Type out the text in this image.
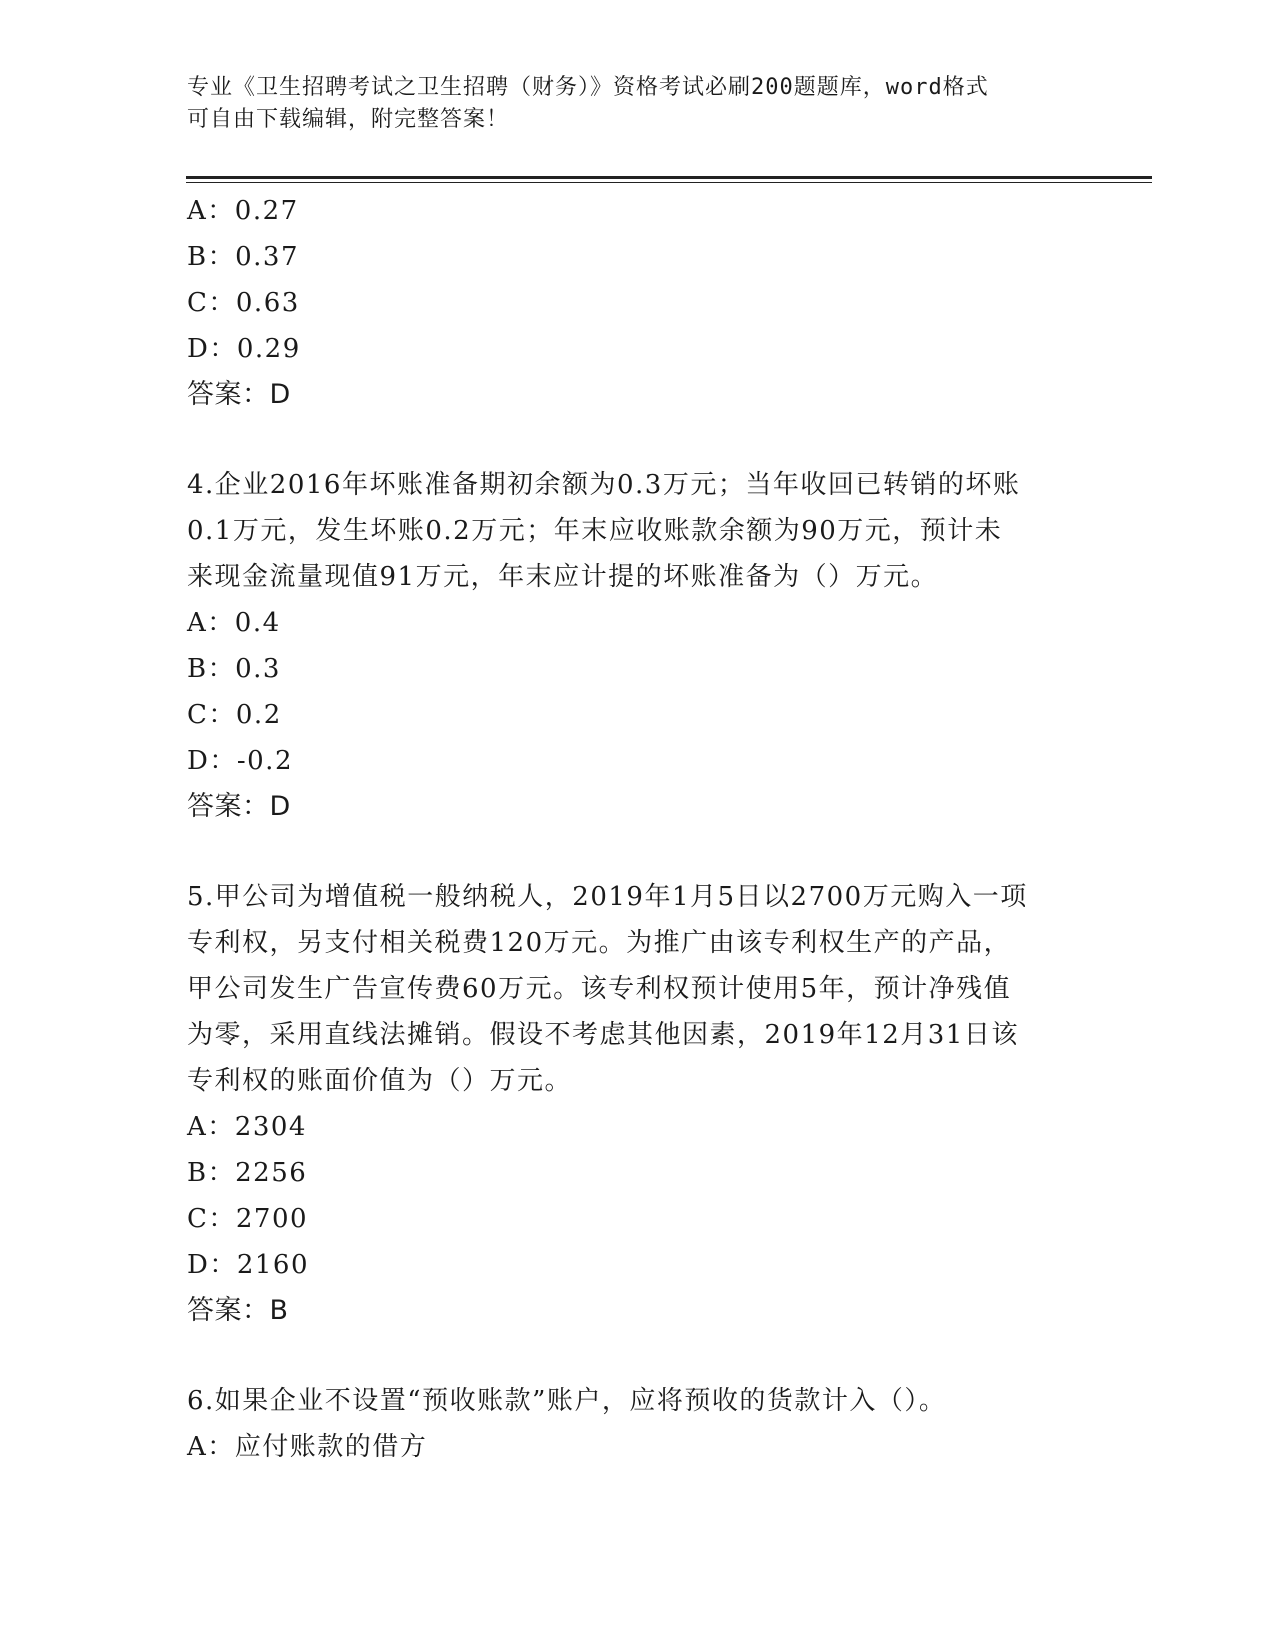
专业《卫生招聘考试之卫生招聘（财务）》资格考试必刷200题题库，word格式
可自由下载编辑，附完整答案！
A：0.27
B：0.37
C：0.63
D：0.29
答案：D
4.企业2016年坏账准备期初余额为0.3万元；当年收回已转销的坏账
0.1万元，发生坏账0.2万元；年末应收账款余额为90万元，预计未
来现金流量现值91万元，年末应计提的坏账准备为（）万元。
A：0.4
B：0.3
C：0.2
D：-0.2
答案：D
5.甲公司为增值税一般纳税人，2019年1月5日以2700万元购入一项
专利权，另支付相关税费120万元。为推广由该专利权生产的产品，
甲公司发生广告宣传费60万元。该专利权预计使用5年，预计净残值
为零，采用直线法摊销。假设不考虑其他因素，2019年12月31日该
专利权的账面价值为（）万元。
A：2304
B：2256
C：2700
D：2160
答案：B
6.如果企业不设置“预收账款”账户，应将预收的货款计入（）。
A：应付账款的借方
